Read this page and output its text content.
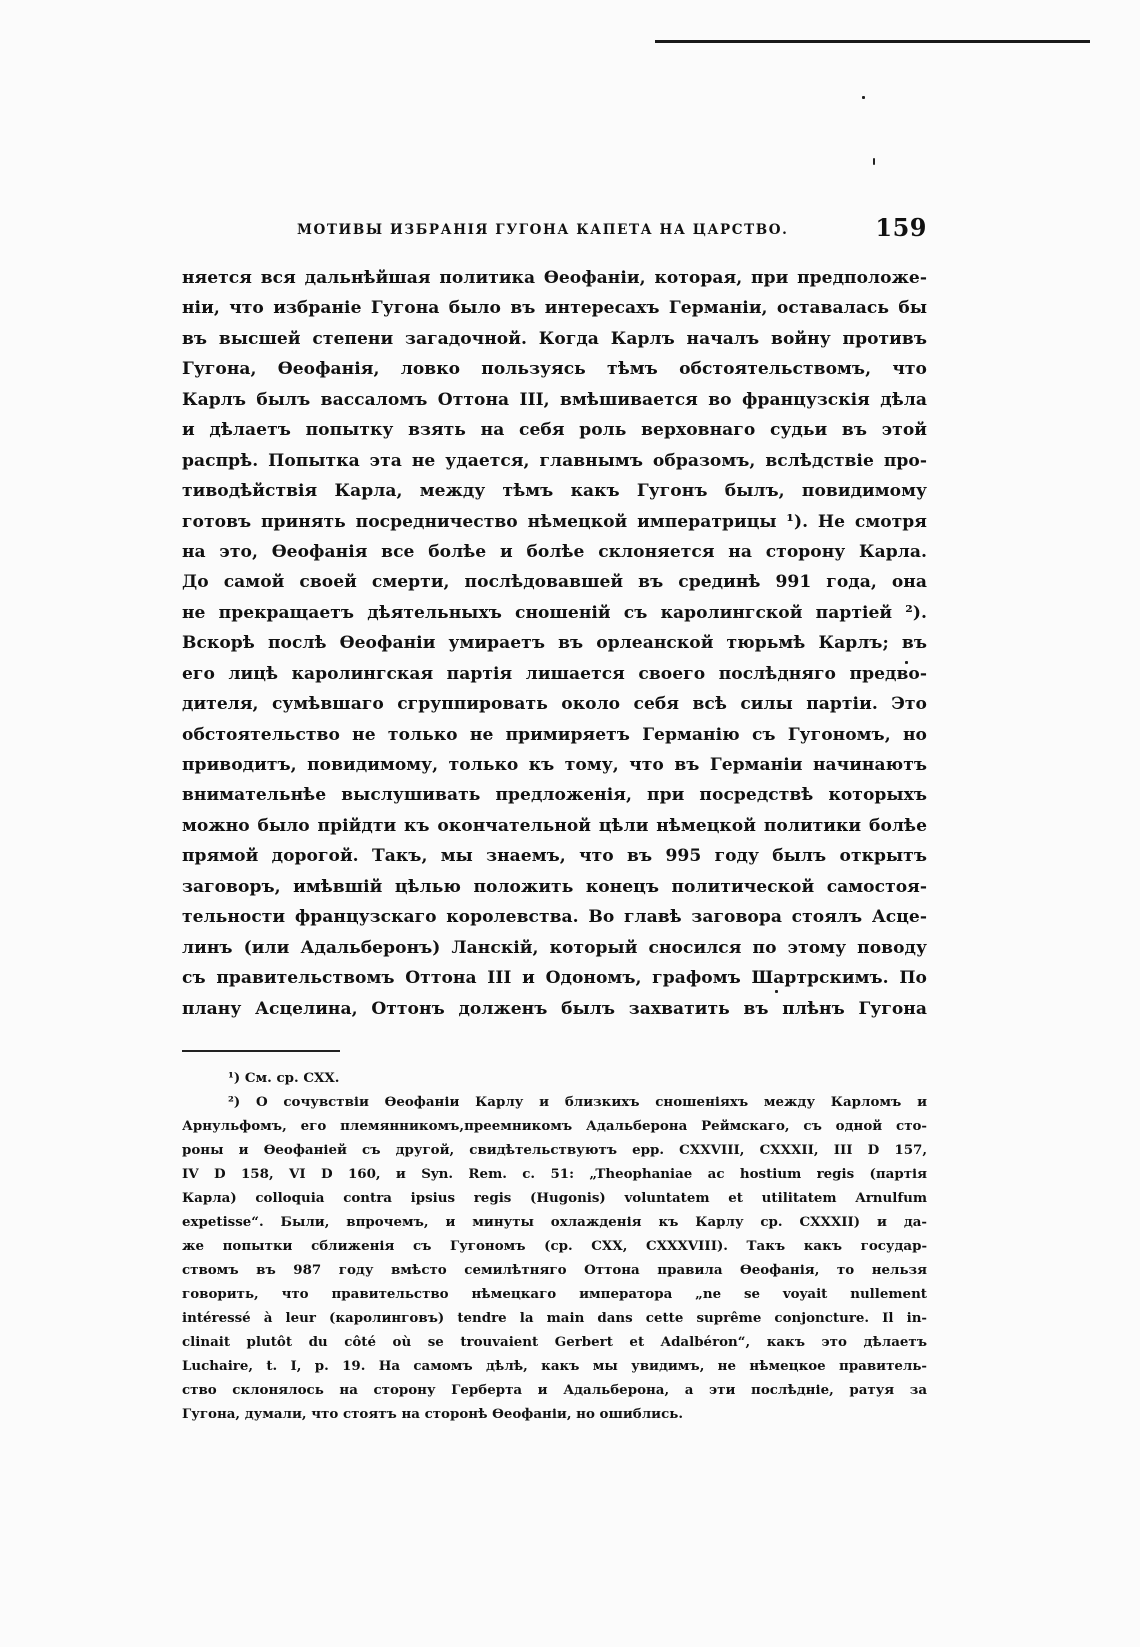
МОТИВЫ ИЗБРАНІЯ ГУГОНА КАПЕТА НА ЦАРСТВО.	159
няется вся дальнѣйшая политика Ѳеофаніи, которая, при предположе-
ніи, что избраніе Гугона было въ интересахъ Германіи, оставалась бы
въ высшей степени загадочной. Когда Карлъ началъ войну противъ
Гугона, Ѳеофанія, ловко пользуясь тѣмъ обстоятельствомъ, что
Карлъ былъ вассаломъ Оттона III, вмѣшивается во французскія дѣла
и дѣлаетъ попытку взять на себя роль верховнаго судьи въ этой
распрѣ. Попытка эта не удается, главнымъ образомъ, вслѣдствіе про-
тиводѣйствія Карла, между тѣмъ какъ Гугонъ былъ, повидимому
готовъ принять посредничество нѣмецкой императрицы ¹). Не смотря
на это, Ѳеофанія все болѣе и болѣе склоняется на сторону Карла.
До самой своей смерти, послѣдовавшей въ срединѣ 991 года, она
не прекращаетъ дѣятельныхъ сношеній съ каролингской партіей ²).
Вскорѣ послѣ Ѳеофаніи умираетъ въ орлеанской тюрьмѣ Карлъ; въ
его лицѣ каролингская партія лишается своего послѣдняго предво-
дителя, сумѣвшаго сгруппировать около себя всѣ силы партіи. Это
обстоятельство не только не примиряетъ Германію съ Гугономъ, но
приводитъ, повидимому, только къ тому, что въ Германіи начинаютъ
внимательнѣе выслушивать предложенія, при посредствѣ которыхъ
можно было прійдти къ окончательной цѣли нѣмецкой политики болѣе
прямой дорогой. Такъ, мы знаемъ, что въ 995 году былъ открытъ
заговоръ, имѣвшій цѣлью положить конецъ политической самостоя-
тельности французскаго королевства. Во главѣ заговора стоялъ Асце-
линъ (или Адальберонъ) Ланскій, который сносился по этому поводу
съ правительствомъ Оттона III и Одономъ, графомъ Шартрскимъ. По
плану Асцелина, Оттонъ долженъ былъ захватить въ плѣнъ Гугона
¹) См. ср. CXX.
²) О сочувствіи Ѳеофаніи Карлу и близкихъ сношеніяхъ между Карломъ и
Арнульфомъ, его племянникомъ,преемникомъ Адальберона Реймскаго, съ одной сто-
роны и Ѳеофаніей съ другой, свидѣтельствуютъ epp. CXXVIII, CXXXII, III D 157,
IV D 158, VI D 160, и Syn. Rem. c. 51: „Theophaniae ac hostium regis (партія
Карла) colloquia contra ipsius regis (Hugonis) voluntatem et utilitatem Arnulfum
expetisse“. Были, впрочемъ, и минуты охлажденія къ Карлу ср. CXXXII) и да-
же попытки сближенія съ Гугономъ (ср. CXX, CXXXVIII). Такъ какъ государ-
ствомъ въ 987 году вмѣсто семилѣтняго Оттона правила Ѳеофанія, то нельзя
говорить, что правительство нѣмецкаго императора „ne se voyait nullement
intéressé à leur (каролинговъ) tendre la main dans cette suprême conjoncture. Il in-
clinait plutôt du côté où se trouvaient Gerbert et Adalbéron“, какъ это дѣлаетъ
Luchaire, t. I, p. 19. На самомъ дѣлѣ, какъ мы увидимъ, не нѣмецкое правитель-
ство склонялось на сторону Герберта и Адальберона, а эти послѣдніе, ратуя за
Гугона, думали, что стоятъ на сторонѣ Ѳеофаніи, но ошиблись.
